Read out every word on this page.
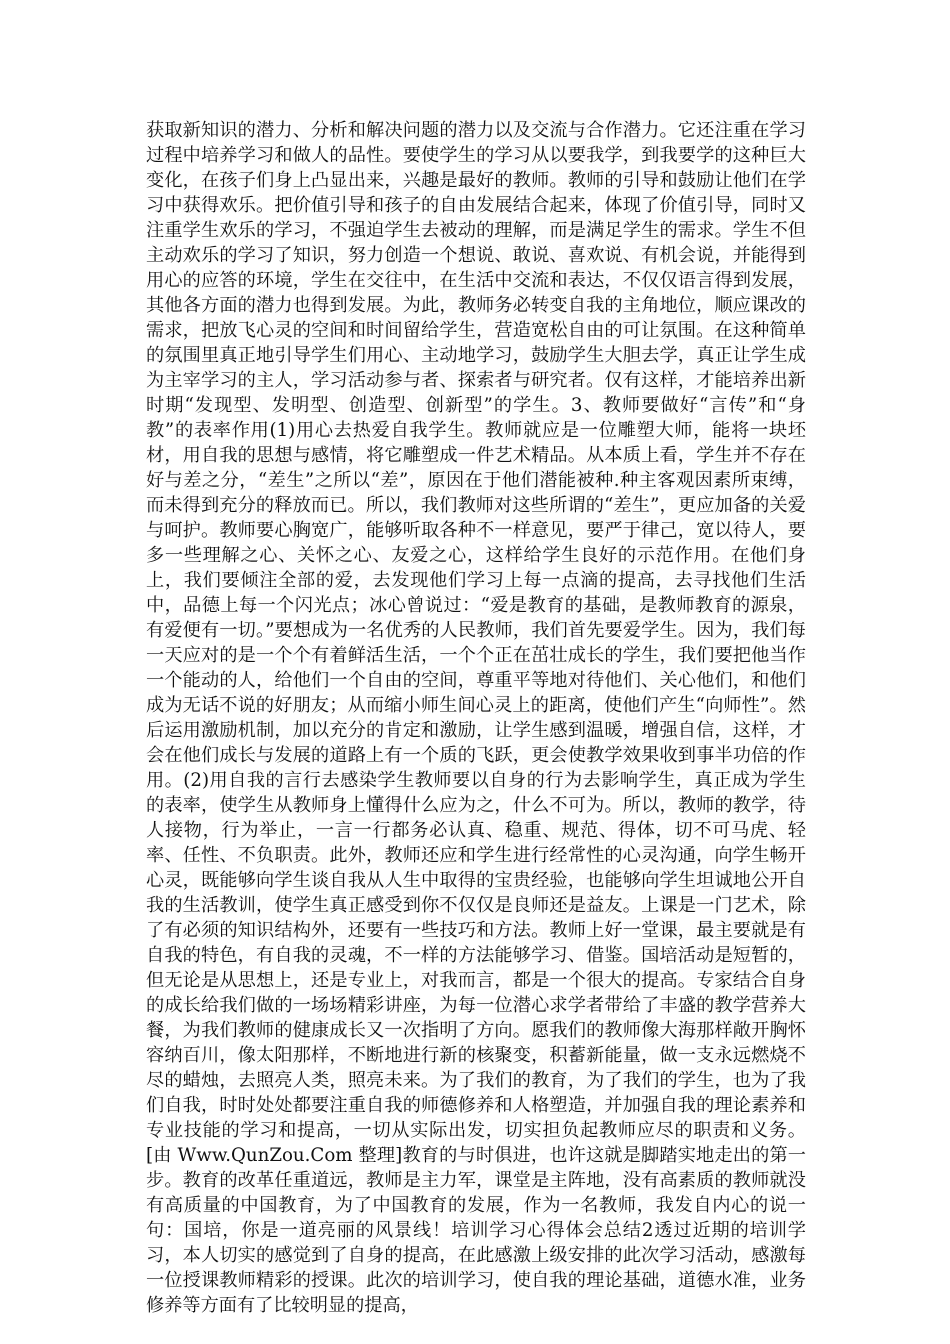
获取新知识的潜力、分析和解决问题的潜力以及交流与合作潜力。它还注重在学习过程中培养学习和做人的品性。要使学生的学习从以要我学，到我要学的这种巨大变化，在孩子们身上凸显出来，兴趣是最好的教师。教师的引导和鼓励让他们在学习中获得欢乐。把价值引导和孩子的自由发展结合起来，体现了价值引导，同时又注重学生欢乐的学习，不强迫学生去被动的理解，而是满足学生的需求。学生不但主动欢乐的学习了知识，努力创造一个想说、敢说、喜欢说、有机会说，并能得到用心的应答的环境，学生在交往中，在生活中交流和表达，不仅仅语言得到发展，其他各方面的潜力也得到发展。为此，教师务必转变自我的主角地位，顺应课改的需求，把放飞心灵的空间和时间留给学生，营造宽松自由的可让氛围。在这种简单的氛围里真正地引导学生们用心、主动地学习，鼓励学生大胆去学，真正让学生成为主宰学习的主人，学习活动参与者、探索者与研究者。仅有这样，才能培养出新时期“发现型、发明型、创造型、创新型”的学生。3、教师要做好“言传”和“身教”的表率作用(1)用心去热爱自我学生。教师就应是一位雕塑大师，能将一块坯材，用自我的思想与感情，将它雕塑成一件艺术精品。从本质上看，学生并不存在好与差之分，“差生”之所以“差”，原因在于他们潜能被种.种主客观因素所束缚，而未得到充分的释放而已。所以，我们教师对这些所谓的“差生”，更应加备的关爱与呵护。教师要心胸宽广，能够听取各种不一样意见，要严于律己，宽以待人，要多一些理解之心、关怀之心、友爱之心，这样给学生良好的示范作用。在他们身上，我们要倾注全部的爱，去发现他们学习上每一点滴的提高，去寻找他们生活中，品德上每一个闪光点；冰心曾说过：“爱是教育的基础，是教师教育的源泉，有爱便有一切。”要想成为一名优秀的人民教师，我们首先要爱学生。因为，我们每一天应对的是一个个有着鲜活生活，一个个正在茁壮成长的学生，我们要把他当作一个能动的人，给他们一个自由的空间，尊重平等地对待他们、关心他们，和他们成为无话不说的好朋友；从而缩小师生间心灵上的距离，使他们产生“向师性”。然后运用激励机制，加以充分的肯定和激励，让学生感到温暖，增强自信，这样，才会在他们成长与发展的道路上有一个质的飞跃，更会使教学效果收到事半功倍的作用。(2)用自我的言行去感染学生教师要以自身的行为去影响学生，真正成为学生的表率，使学生从教师身上懂得什么应为之，什么不可为。所以，教师的教学，待人接物，行为举止，一言一行都务必认真、稳重、规范、得体，切不可马虎、轻率、任性、不负职责。此外，教师还应和学生进行经常性的心灵沟通，向学生畅开心灵，既能够向学生谈自我从人生中取得的宝贵经验，也能够向学生坦诚地公开自我的生活教训，使学生真正感受到你不仅仅是良师还是益友。上课是一门艺术，除了有必须的知识结构外，还要有一些技巧和方法。教师上好一堂课，最主要就是有自我的特色，有自我的灵魂，不一样的方法能够学习、借鉴。国培活动是短暂的，但无论是从思想上，还是专业上，对我而言，都是一个很大的提高。专家结合自身的成长给我们做的一场场精彩讲座，为每一位潜心求学者带给了丰盛的教学营养大餐，为我们教师的健康成长又一次指明了方向。愿我们的教师像大海那样敞开胸怀容纳百川，像太阳那样，不断地进行新的核聚变，积蓄新能量，做一支永远燃烧不尽的蜡烛，去照亮人类，照亮未来。为了我们的教育，为了我们的学生，也为了我们自我，时时处处都要注重自我的师德修养和人格塑造，并加强自我的理论素养和专业技能的学习和提高，一切从实际出发，切实担负起教师应尽的职责和义务。[由 Www.QunZou.Com 整理]教育的与时俱进，也许这就是脚踏实地走出的第一步。教育的改革任重道远，教师是主力军，课堂是主阵地，没有高素质的教师就没有高质量的中国教育，为了中国教育的发展，作为一名教师，我发自内心的说一句：国培，你是一道亮丽的风景线！培训学习心得体会总结2透过近期的培训学习，本人切实的感觉到了自身的提高，在此感激上级安排的此次学习活动，感激每一位授课教师精彩的授课。此次的培训学习，使自我的理论基础，道德水准，业务修养等方面有了比较明显的提高，
